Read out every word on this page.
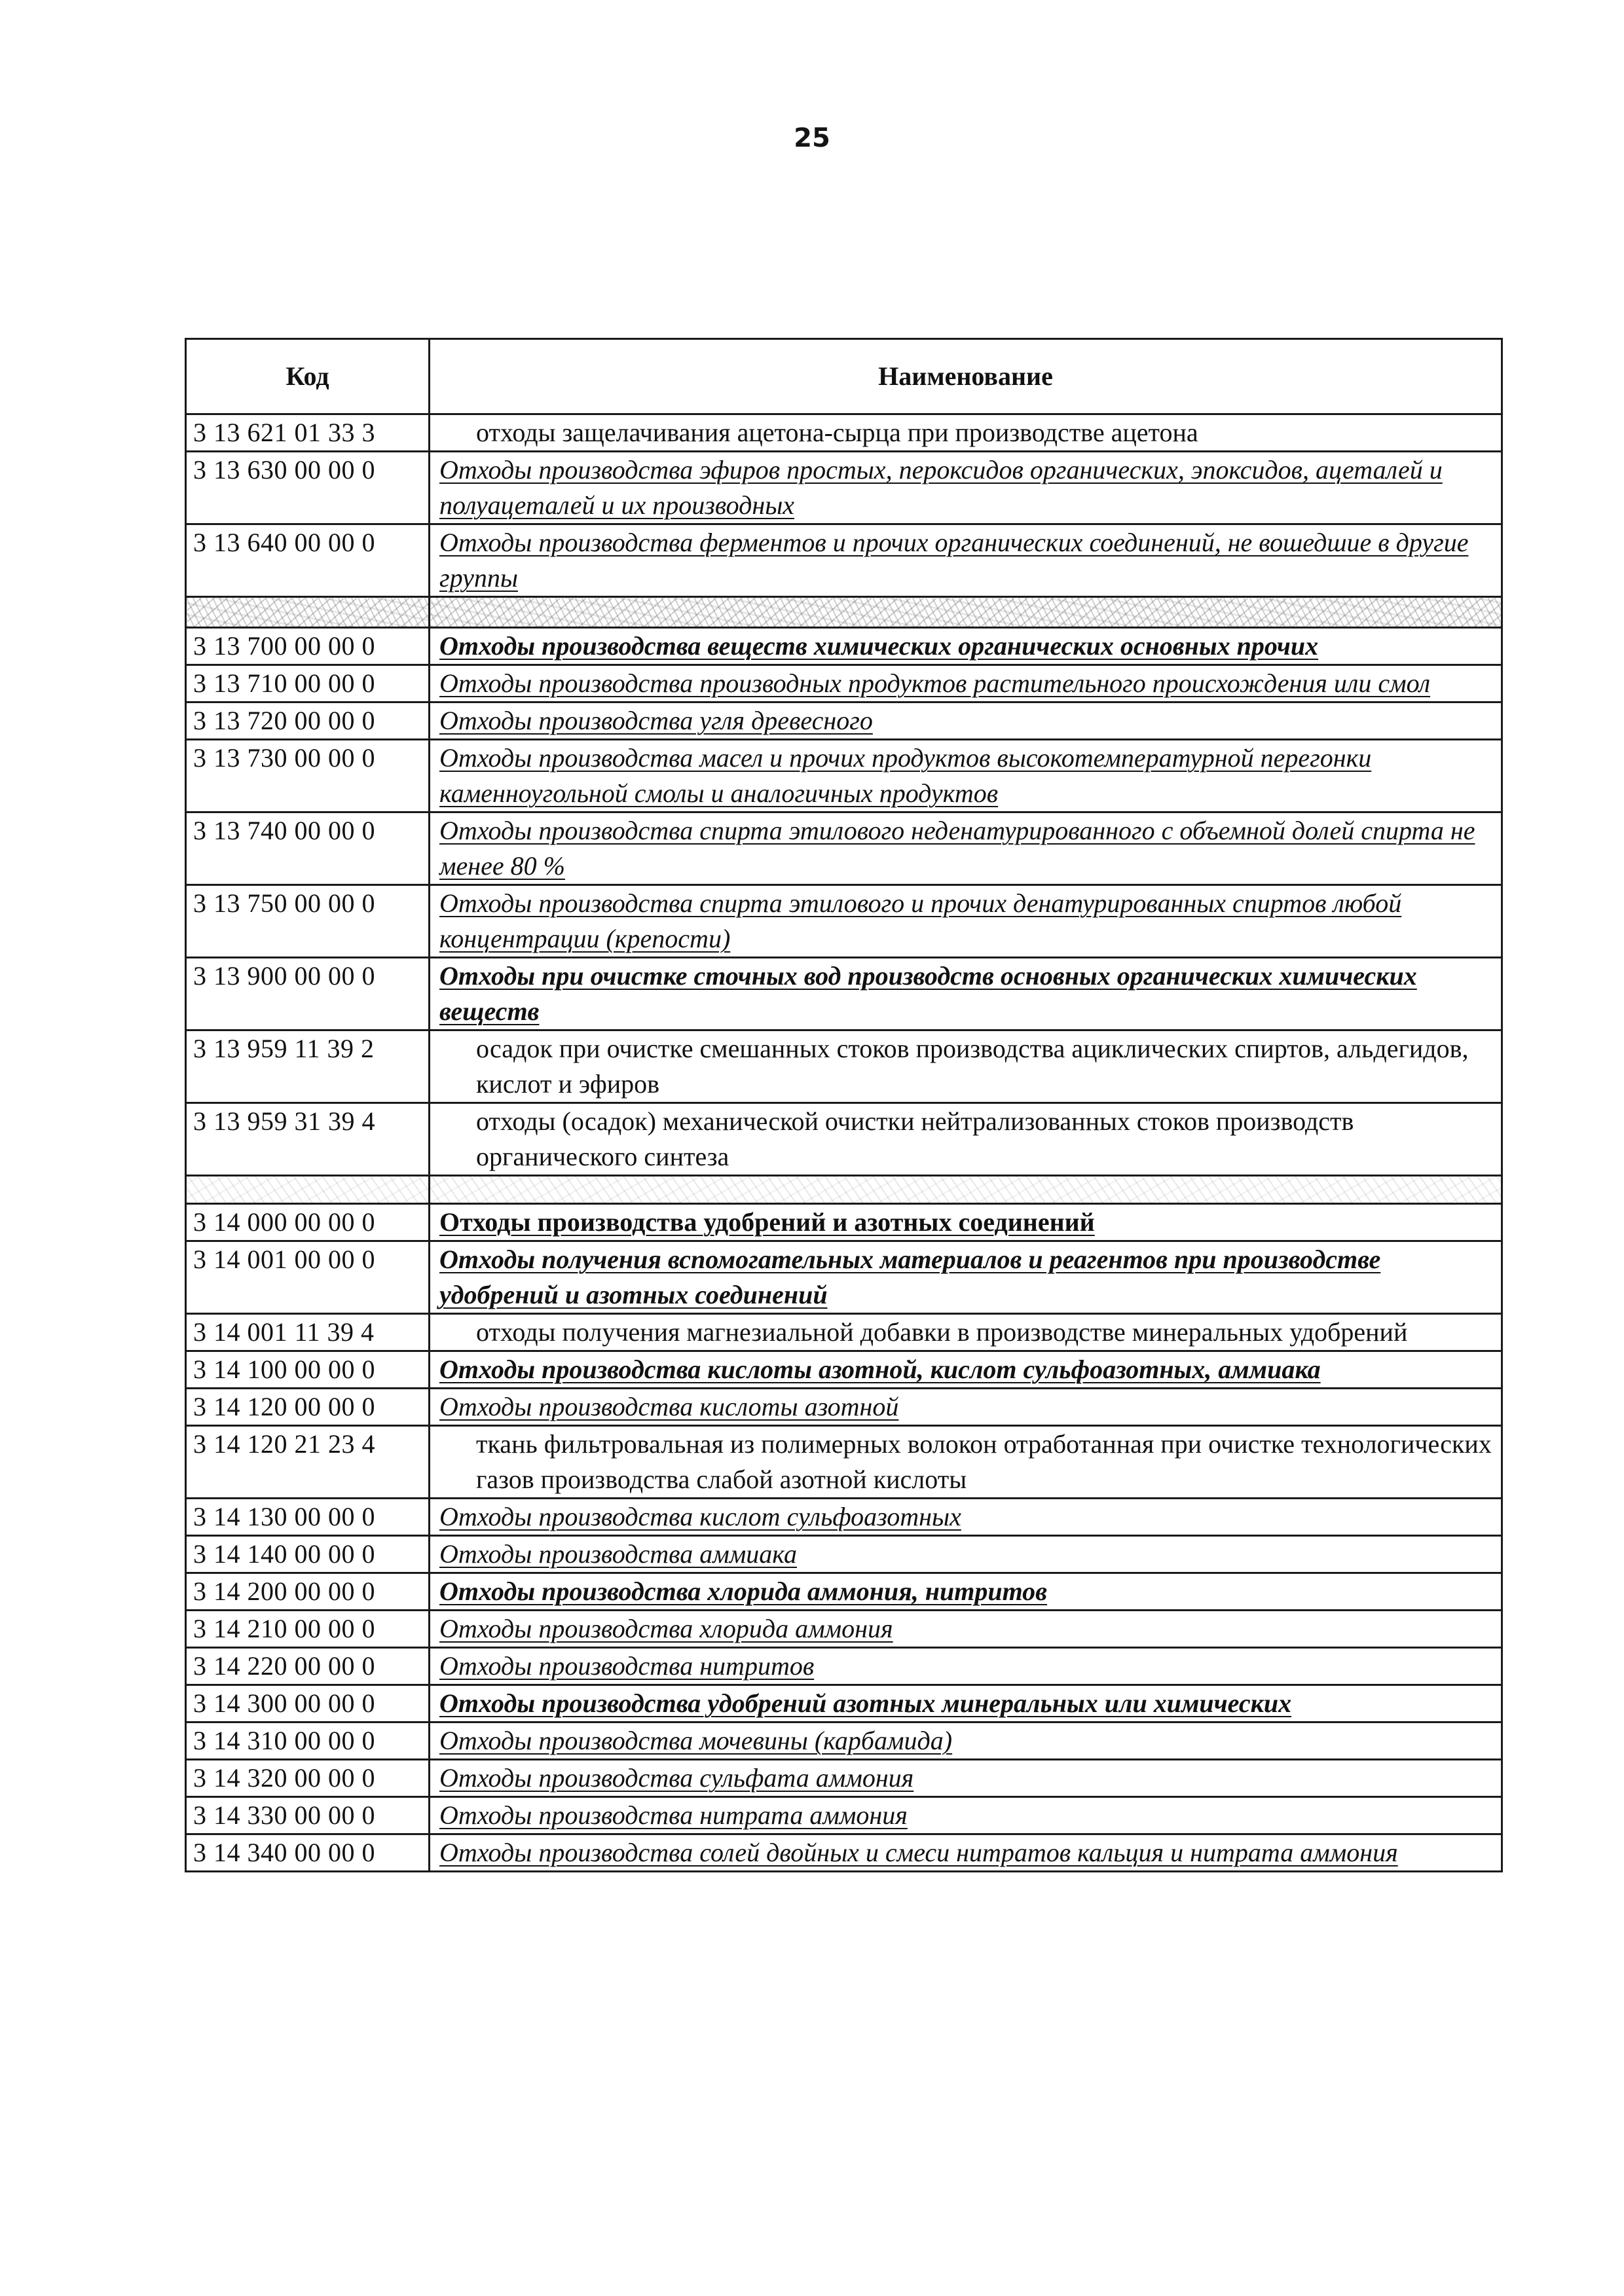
25
Код	Наименование
3 13 621 01 33 3	отходы защелачивания ацетона-сырца при производстве ацетона
3 13 630 00 00 0	Отходы производства эфиров простых, пероксидов органических, эпоксидов, ацеталей и полуацеталей и их производных
3 13 640 00 00 0	Отходы производства ферментов и прочих органических соединений, не вошедшие в другие группы

3 13 700 00 00 0	Отходы производства веществ химических органических основных прочих
3 13 710 00 00 0	Отходы производства производных продуктов растительного происхождения или смол
3 13 720 00 00 0	Отходы производства угля древесного
3 13 730 00 00 0	Отходы производства масел и прочих продуктов высокотемпературной перегонки каменноугольной смолы и аналогичных продуктов
3 13 740 00 00 0	Отходы производства спирта этилового неденатурированного с объемной долей спирта не менее 80 %
3 13 750 00 00 0	Отходы производства спирта этилового и прочих денатурированных спиртов любой концентрации (крепости)
3 13 900 00 00 0	Отходы при очистке сточных вод производств основных органических химических веществ
3 13 959 11 39 2	осадок при очистке смешанных стоков производства ациклических спиртов, альдегидов, кислот и эфиров
3 13 959 31 39 4	отходы (осадок) механической очистки нейтрализованных стоков производств органического синтеза

3 14 000 00 00 0	Отходы производства удобрений и азотных соединений
3 14 001 00 00 0	Отходы получения вспомогательных материалов и реагентов при производстве удобрений и азотных соединений
3 14 001 11 39 4	отходы получения магнезиальной добавки в производстве минеральных удобрений
3 14 100 00 00 0	Отходы производства кислоты азотной, кислот сульфоазотных, аммиака
3 14 120 00 00 0	Отходы производства кислоты азотной
3 14 120 21 23 4	ткань фильтровальная из полимерных волокон отработанная при очистке технологических газов производства слабой азотной кислоты
3 14 130 00 00 0	Отходы производства кислот сульфоазотных
3 14 140 00 00 0	Отходы производства аммиака
3 14 200 00 00 0	Отходы производства хлорида аммония, нитритов
3 14 210 00 00 0	Отходы производства хлорида аммония
3 14 220 00 00 0	Отходы производства нитритов
3 14 300 00 00 0	Отходы производства удобрений азотных минеральных или химических
3 14 310 00 00 0	Отходы производства мочевины (карбамида)
3 14 320 00 00 0	Отходы производства сульфата аммония
3 14 330 00 00 0	Отходы производства нитрата аммония
3 14 340 00 00 0	Отходы производства солей двойных и смеси нитратов кальция и нитрата аммония
